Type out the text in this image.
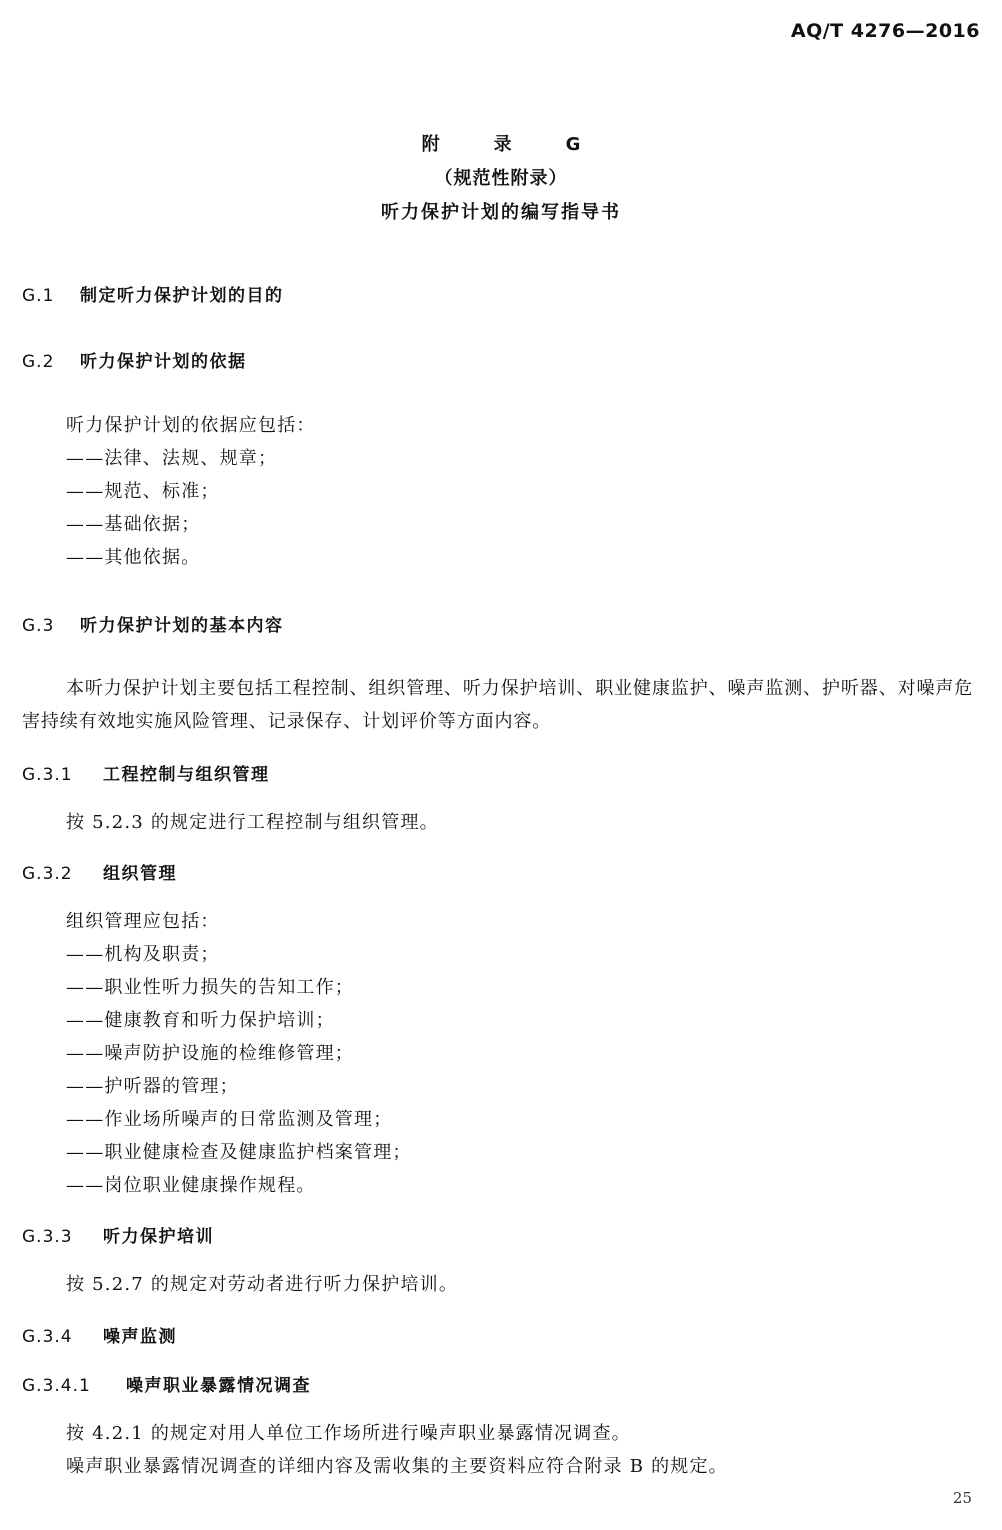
AQ/T 4276—2016
附　录　G
（规范性附录）
听力保护计划的编写指导书
G.1 制定听力保护计划的目的
G.2 听力保护计划的依据
听力保护计划的依据应包括：
——法律、法规、规章；
——规范、标准；
——基础依据；
——其他依据。
G.3 听力保护计划的基本内容
本听力保护计划主要包括工程控制、组织管理、听力保护培训、职业健康监护、噪声监测、护听器、对噪声危害持续有效地实施风险管理、记录保存、计划评价等方面内容。
G.3.1 工程控制与组织管理
按 5.2.3 的规定进行工程控制与组织管理。
G.3.2 组织管理
组织管理应包括：
——机构及职责；
——职业性听力损失的告知工作；
——健康教育和听力保护培训；
——噪声防护设施的检维修管理；
——护听器的管理；
——作业场所噪声的日常监测及管理；
——职业健康检查及健康监护档案管理；
——岗位职业健康操作规程。
G.3.3 听力保护培训
按 5.2.7 的规定对劳动者进行听力保护培训。
G.3.4 噪声监测
G.3.4.1 噪声职业暴露情况调查
按 4.2.1 的规定对用人单位工作场所进行噪声职业暴露情况调查。
噪声职业暴露情况调查的详细内容及需收集的主要资料应符合附录 B 的规定。
25
